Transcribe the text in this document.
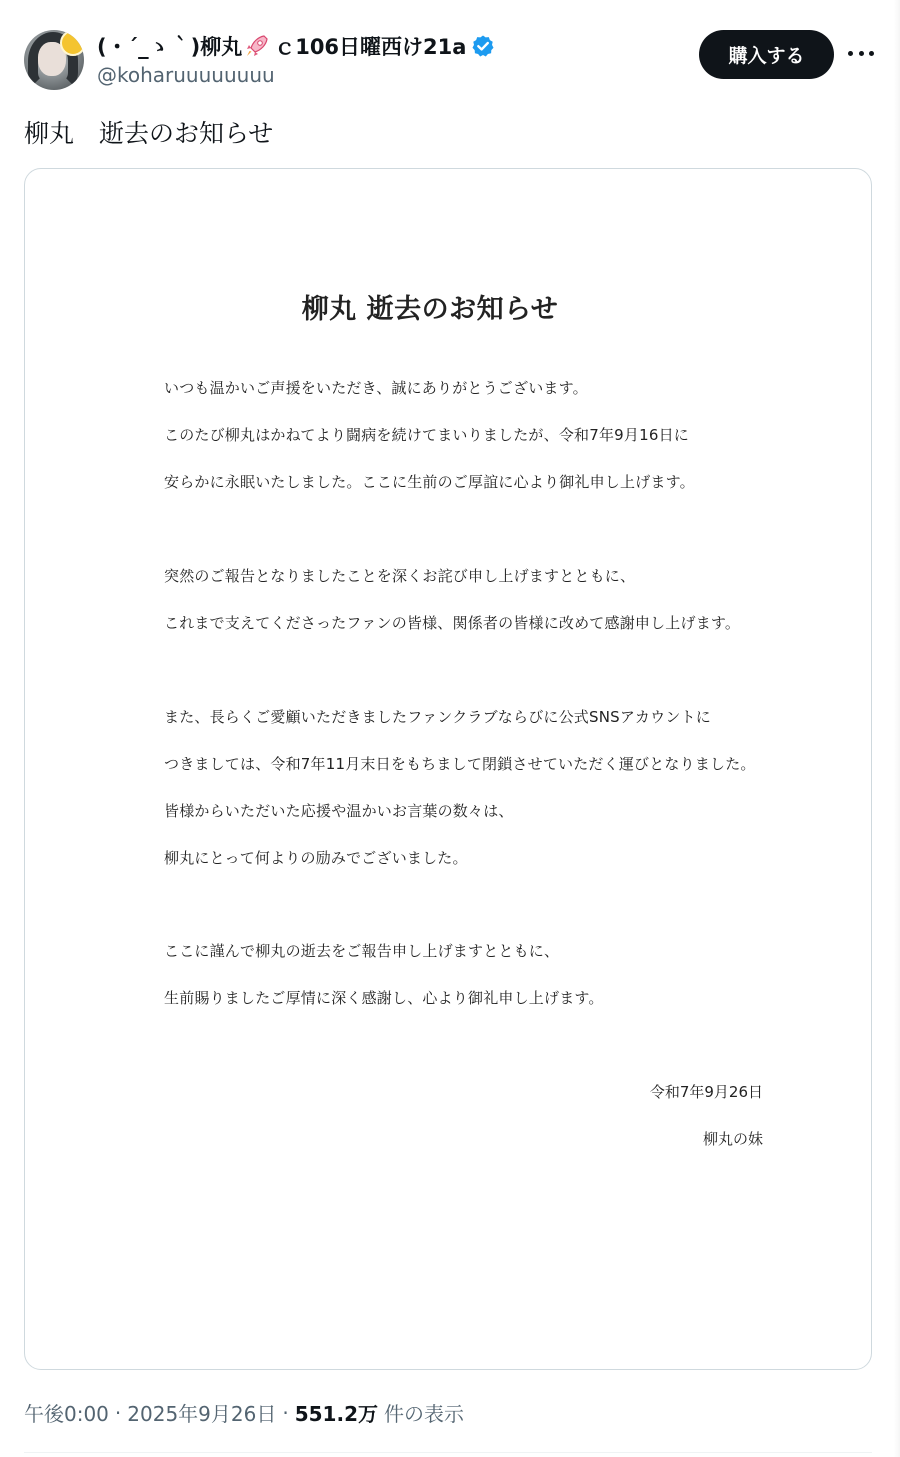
(・´_ゝ｀)柳丸 ｃ106日曜西け21a
@koharuuuuuuuu
購入する
柳丸　逝去のお知らせ
柳丸 逝去のお知らせ
いつも温かいご声援をいただき、誠にありがとうございます。
このたび柳丸はかねてより闘病を続けてまいりましたが、令和7年9月16日に
安らかに永眠いたしました。ここに生前のご厚誼に心より御礼申し上げます。
突然のご報告となりましたことを深くお詫び申し上げますとともに、
これまで支えてくださったファンの皆様、関係者の皆様に改めて感謝申し上げます。
また、長らくご愛顧いただきましたファンクラブならびに公式SNSアカウントに
つきましては、令和7年11月末日をもちまして閉鎖させていただく運びとなりました。
皆様からいただいた応援や温かいお言葉の数々は、
柳丸にとって何よりの励みでございました。
ここに謹んで柳丸の逝去をご報告申し上げますとともに、
生前賜りましたご厚情に深く感謝し、心より御礼申し上げます。
令和7年9月26日
柳丸の妹
午後0:00 · 2025年9月26日 · 551.2万 件の表示
